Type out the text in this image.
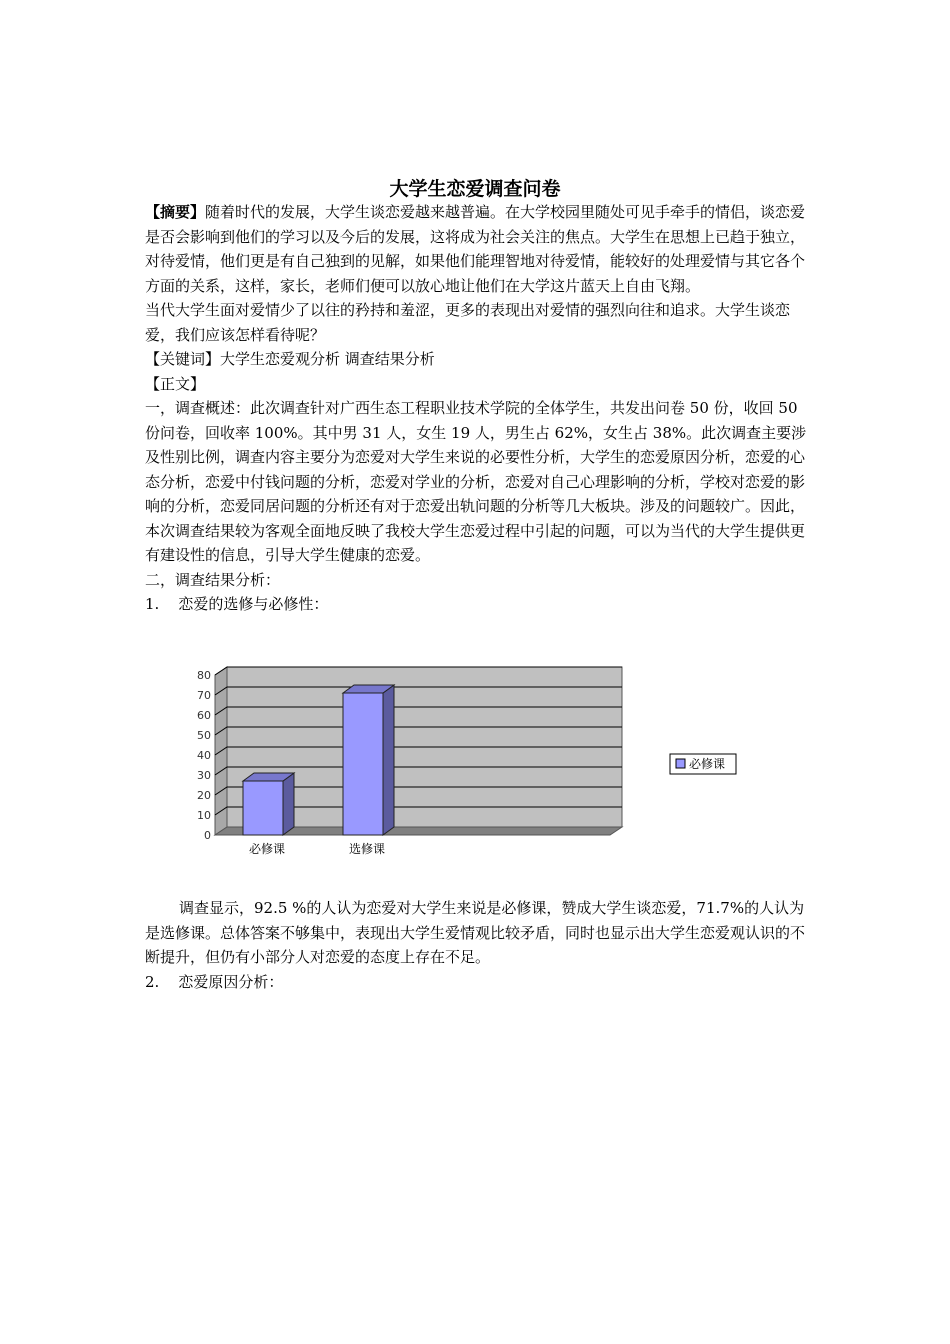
大学生恋爱调查问卷

【摘要】随着时代的发展，大学生谈恋爱越来越普遍。在大学校园里随处可见手牵手的情侣，谈恋爱是否会影响到他们的学习以及今后的发展，这将成为社会关注的焦点。大学生在思想上已趋于独立，对待爱情，他们更是有自己独到的见解，如果他们能理智地对待爱情，能较好的处理爱情与其它各个方面的关系，这样，家长，老师们便可以放心地让他们在大学这片蓝天上自由飞翔。

当代大学生面对爱情少了以往的矜持和羞涩，更多的表现出对爱情的强烈向往和追求。大学生谈恋爱，我们应该怎样看待呢？

【关键词】大学生恋爱观分析 调查结果分析

【正文】

一，调查概述：此次调查针对广西生态工程职业技术学院的全体学生，共发出问卷 50 份，收回 50 份问卷，回收率 100%。其中男 31 人，女生 19 人，男生占 62%，女生占 38%。此次调查主要涉及性别比例，调查内容主要分为恋爱对大学生来说的必要性分析，大学生的恋爱原因分析，恋爱的心态分析，恋爱中付钱问题的分析，恋爱对学业的分析，恋爱对自己心理影响的分析，学校对恋爱的影响的分析，恋爱同居问题的分析还有对于恋爱出轨问题的分析等几大板块。涉及的问题较广。因此，本次调查结果较为客观全面地反映了我校大学生恋爱过程中引起的问题，可以为当代的大学生提供更有建设性的信息，引导大学生健康的恋爱。

二，调查结果分析：

1.    恋爱的选修与必修性：

0
10
20
30
40
50
60
70
80
必修课	选修课
必修课

调查显示，92.5 %的人认为恋爱对大学生来说是必修课，赞成大学生谈恋爱，71.7%的人认为是选修课。总体答案不够集中，表现出大学生爱情观比较矛盾，同时也显示出大学生恋爱观认识的不断提升，但仍有小部分人对恋爱的态度上存在不足。

2.    恋爱原因分析：
